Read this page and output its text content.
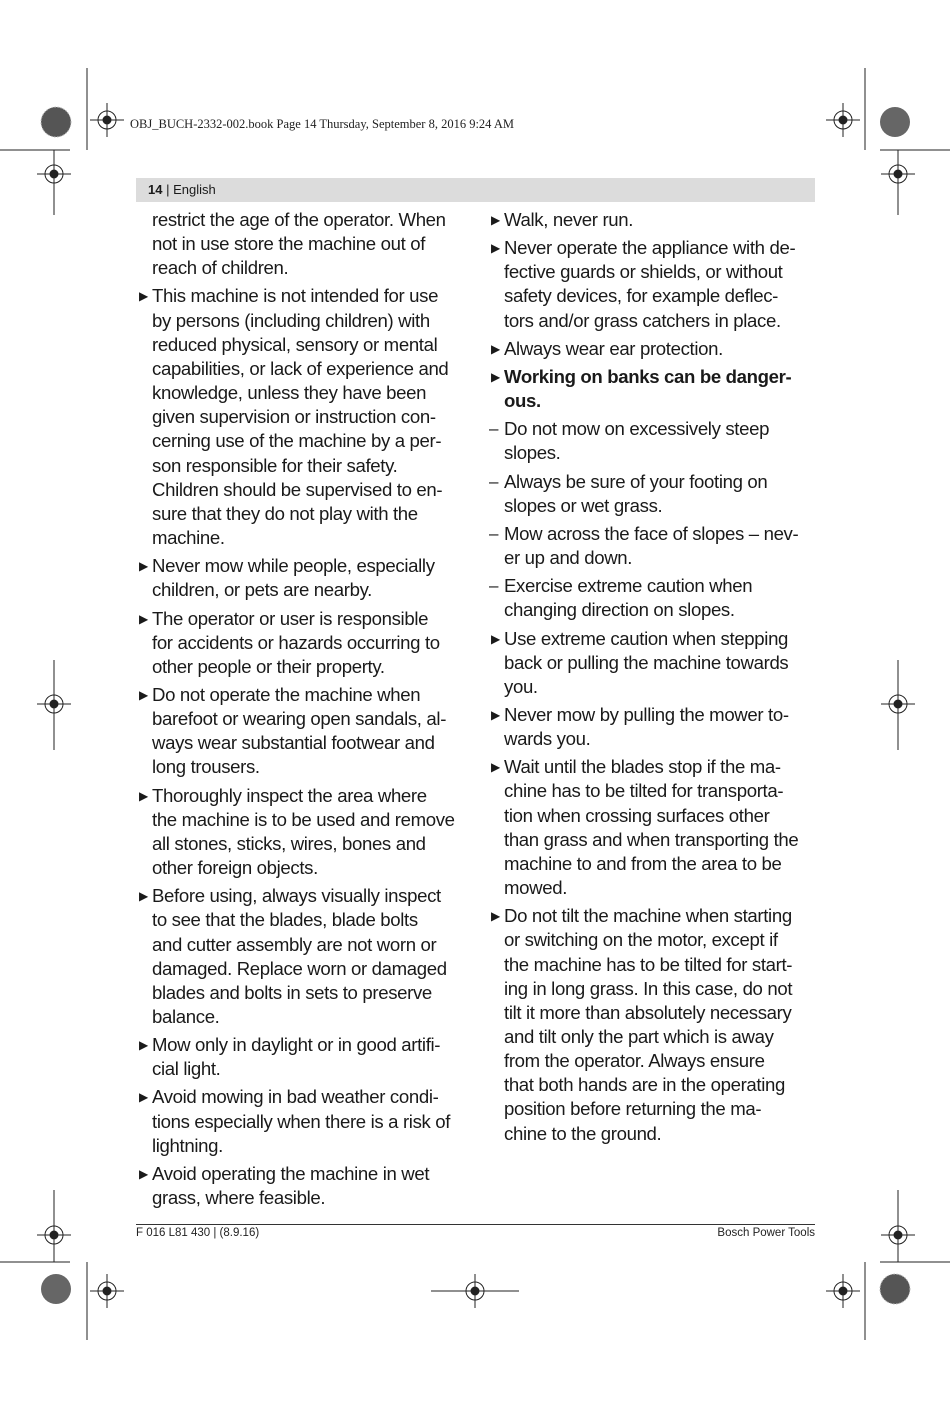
OBJ_BUCH-2332-002.book Page 14 Thursday, September 8, 2016 9:24 AM
14 | English
restrict the age of the operator. When
not in use store the machine out of
reach of children.
▶ This machine is not intended for use
by persons (including children) with
reduced physical, sensory or mental
capabilities, or lack of experience and
knowledge, unless they have been
given supervision or instruction con-
cerning use of the machine by a per-
son responsible for their safety.
Children should be supervised to en-
sure that they do not play with the
machine.
▶ Never mow while people, especially
children, or pets are nearby.
▶ The operator or user is responsible
for accidents or hazards occurring to
other people or their property.
▶ Do not operate the machine when
barefoot or wearing open sandals, al-
ways wear substantial footwear and
long trousers.
▶ Thoroughly inspect the area where
the machine is to be used and remove
all stones, sticks, wires, bones and
other foreign objects.
▶ Before using, always visually inspect
to see that the blades, blade bolts
and cutter assembly are not worn or
damaged. Replace worn or damaged
blades and bolts in sets to preserve
balance.
▶ Mow only in daylight or in good artifi-
cial light.
▶ Avoid mowing in bad weather condi-
tions especially when there is a risk of
lightning.
▶ Avoid operating the machine in wet
grass, where feasible.
▶ Walk, never run.
▶ Never operate the appliance with de-
fective guards or shields, or without
safety devices, for example deflec-
tors and/or grass catchers in place.
▶ Always wear ear protection.
▶ Working on banks can be danger-
ous.
– Do not mow on excessively steep
slopes.
– Always be sure of your footing on
slopes or wet grass.
– Mow across the face of slopes – nev-
er up and down.
– Exercise extreme caution when
changing direction on slopes.
▶ Use extreme caution when stepping
back or pulling the machine towards
you.
▶ Never mow by pulling the mower to-
wards you.
▶ Wait until the blades stop if the ma-
chine has to be tilted for transporta-
tion when crossing surfaces other
than grass and when transporting the
machine to and from the area to be
mowed.
▶ Do not tilt the machine when starting
or switching on the motor, except if
the machine has to be tilted for start-
ing in long grass. In this case, do not
tilt it more than absolutely necessary
and tilt only the part which is away
from the operator. Always ensure
that both hands are in the operating
position before returning the ma-
chine to the ground.
F 016 L81 430 | (8.9.16)	Bosch Power Tools
